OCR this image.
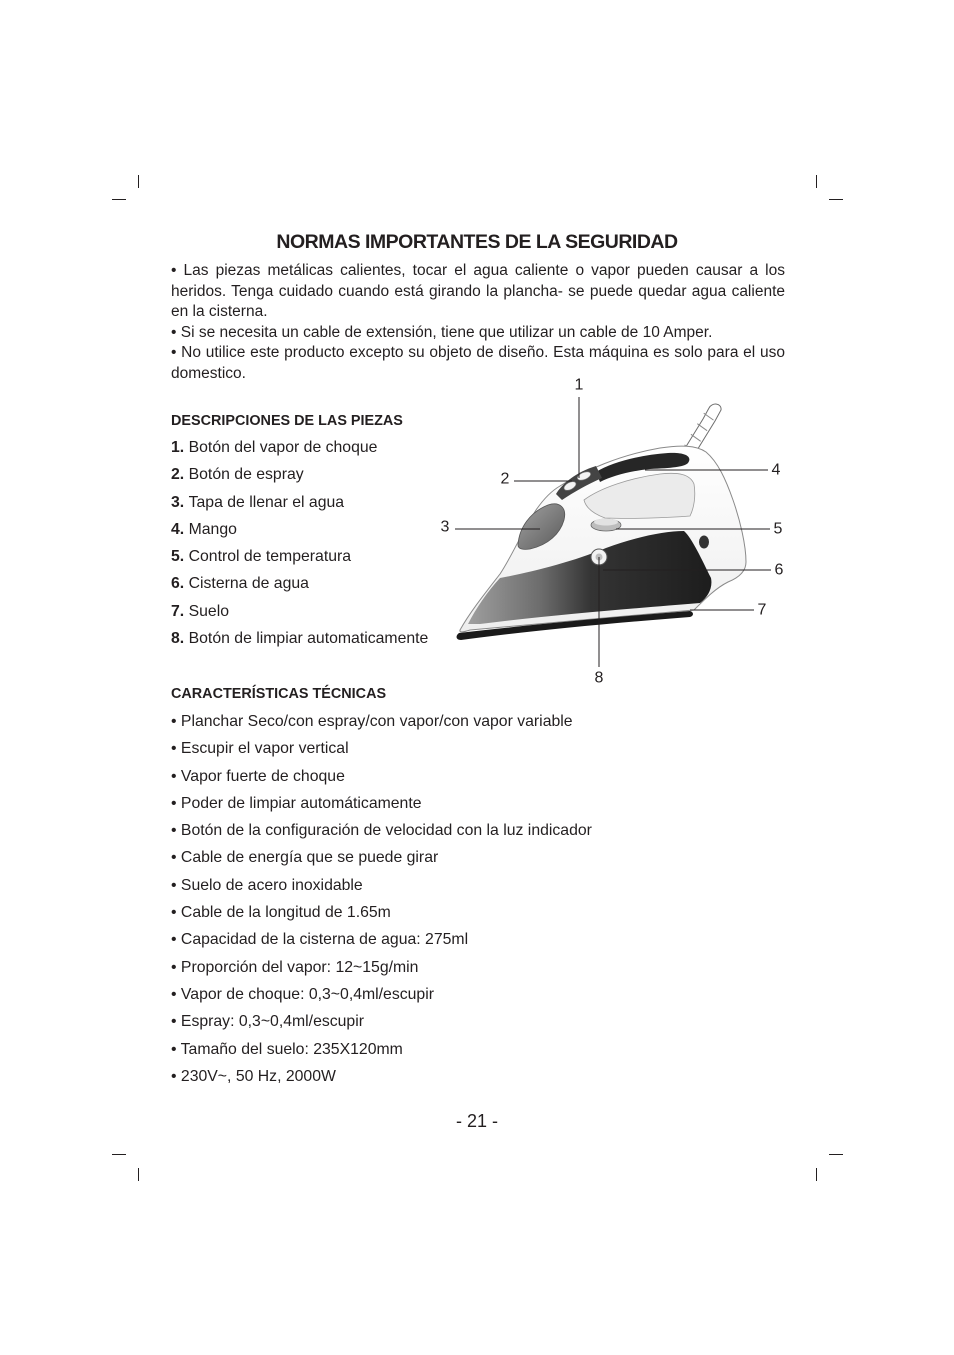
NORMAS IMPORTANTES DE LA SEGURIDAD

• Las piezas metálicas calientes, tocar el agua caliente o vapor pueden causar a los heridos. Tenga cuidado cuando está girando la plancha- se puede quedar agua caliente en la cisterna.

• Si se necesita un cable de extensión, tiene que utilizar un cable de 10 Amper.

• No utilice este producto excepto su objeto de diseño. Esta máquina es solo para el uso domestico.

DESCRIPCIONES DE LAS PIEZAS
1. Botón del vapor de choque
2. Botón de espray
3. Tapa de llenar el agua
4. Mango
5. Control de temperatura
6. Cisterna de agua
7. Suelo
8. Botón de limpiar automaticamente
1
2
3
4
5
6
7
8
CARACTERÍSTICAS TÉCNICAS
• Planchar Seco/con espray/con vapor/con vapor variable
• Escupir el vapor vertical
• Vapor fuerte de choque
• Poder de limpiar automáticamente
• Botón de la configuración de velocidad con la luz indicador
• Cable de energía que se puede girar
• Suelo de acero inoxidable
• Cable de la longitud de 1.65m
• Capacidad de la cisterna de agua: 275ml
• Proporción del vapor: 12~15g/min
• Vapor de choque: 0,3~0,4ml/escupir
• Espray: 0,3~0,4ml/escupir
• Tamaño del suelo: 235X120mm
• 230V~, 50 Hz, 2000W

- 21 -
